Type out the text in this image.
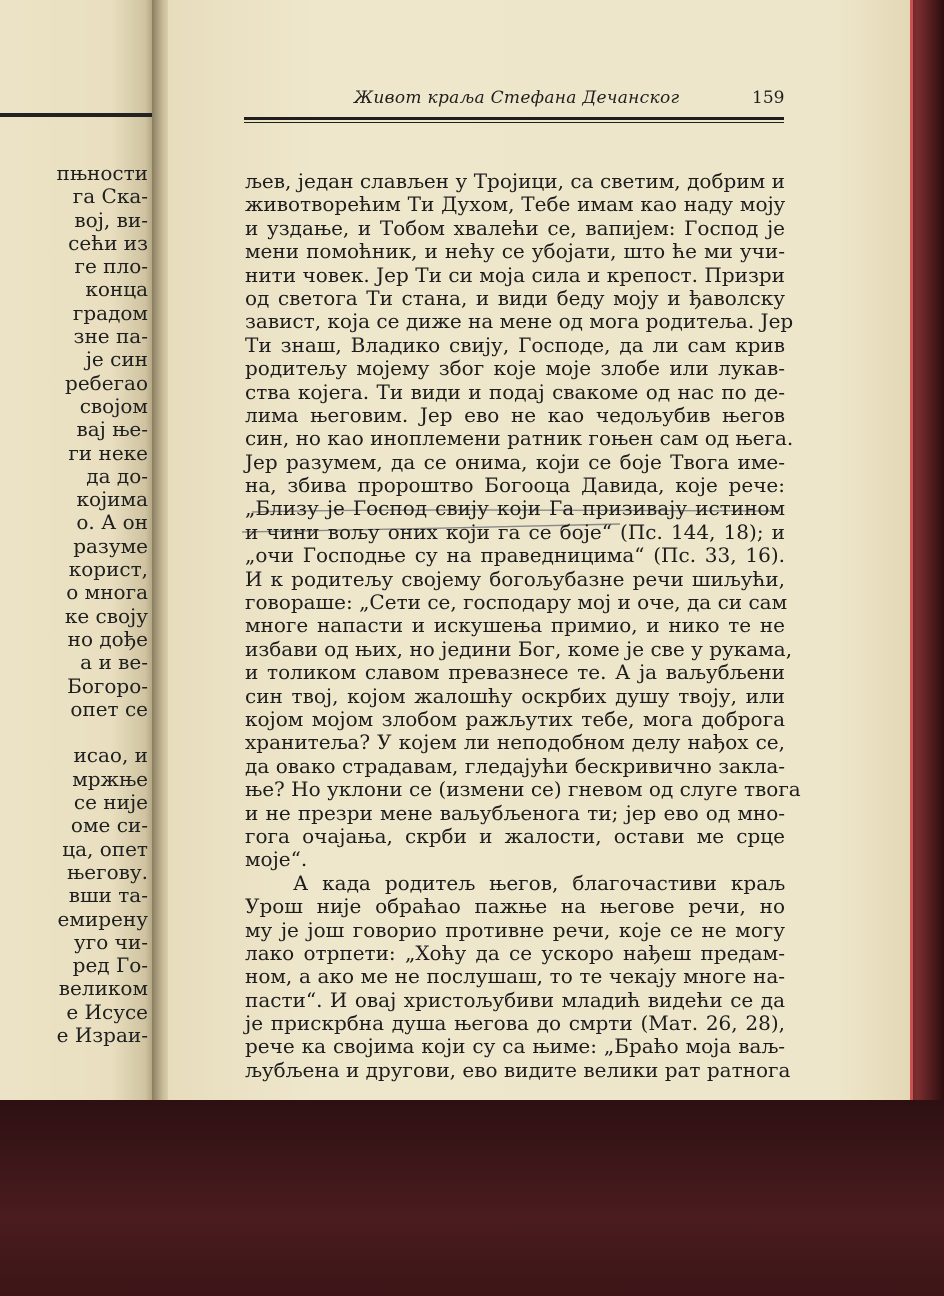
пњности
га Ска-
вој, ви-
сећи из
ге пло-
конца
градом
зне па-
је син
ребегао
својом
вај ње-
ги неке
да до-
којима
о. А он
разуме
корист,
о многа
ке своју
но дође
а и ве-
Богоро-
опет се
исао, и
мржње
се није
оме си-
ца, опет
његову.
вши та-
емирену
уго чи-
ред Го-
великом
е Исусе
е Израи-
Живот краља Стефана Дечанског	159
љев, један слављен у Тројици, са светим, добрим и
животворећим Ти Духом, Тебе имам као наду мојy
и уздање, и Тобом хвалећи се, вапијем: Господ је
мени помоћник, и нећу се убојати, што ће ми учи-
нити човек. Јер Ти си моја сила и крепост. Призри
од светога Ти стана, и види беду моју и ђаволску
завист, која се диже на мене од мога родитеља. Јер
Ти знаш, Владико свију, Господе, да ли сам крив
родитељу моjему због које моје злобе или лукав-
ства којега. Ти види и подај свакоме од нас по де-
лима његовим. Јер ево не као чедољубив његов
син, но као иноплемени ратник гоњен сам од њега.
Јер разумем, да се онима, који се боје Твога име-
на, збива пророштво Богооца Давида, које рече:
„Близу је Господ свију који Га призивају истином
и чини вољу оних који га се боје“ (Пс. 144, 18); и
„очи Господње су на праведницима“ (Пс. 33, 16).
И к родитељу својему богољубазне речи шиљући,
говораше: „Сети се, господару мој и оче, да си сам
многе напасти и искушења примио, и нико те не
избави од њих, но једини Бог, коме је све у рукама,
и толиком славом превазнесе те. А ја ваљубљени
син твој, којом жалошћу оскрбих душу твоју, или
којом мојом злобом ражљутих тебе, мога доброга
хранитеља? У којем ли неподобном делу нађох се,
да овако страдавам, гледајући бескривично закла-
ње? Но уклони се (измени се) гневом од слуге твога
и не презри мене ваљубљенога ти; јер ево од мно-
гога очајања, скрби и жалости, остави ме срце
моје“.
А када родитељ његов, благочастиви краљ
Урош није обраћао пажње на његове речи, но
му је још говорио противне речи, које се не могу
лако отрпети: „Хоћу да се ускоро нађеш предам-
ном, а ако ме не послушаш, то те чекају многе на-
пасти“. И овај христољубиви младић видећи се да
је прискрбна душа његова до смрти (Мат. 26, 28),
рече ка својима који су са њиме: „Браћо моја ваљ-
љубљена и другови, ево видите велики рат ратнога
